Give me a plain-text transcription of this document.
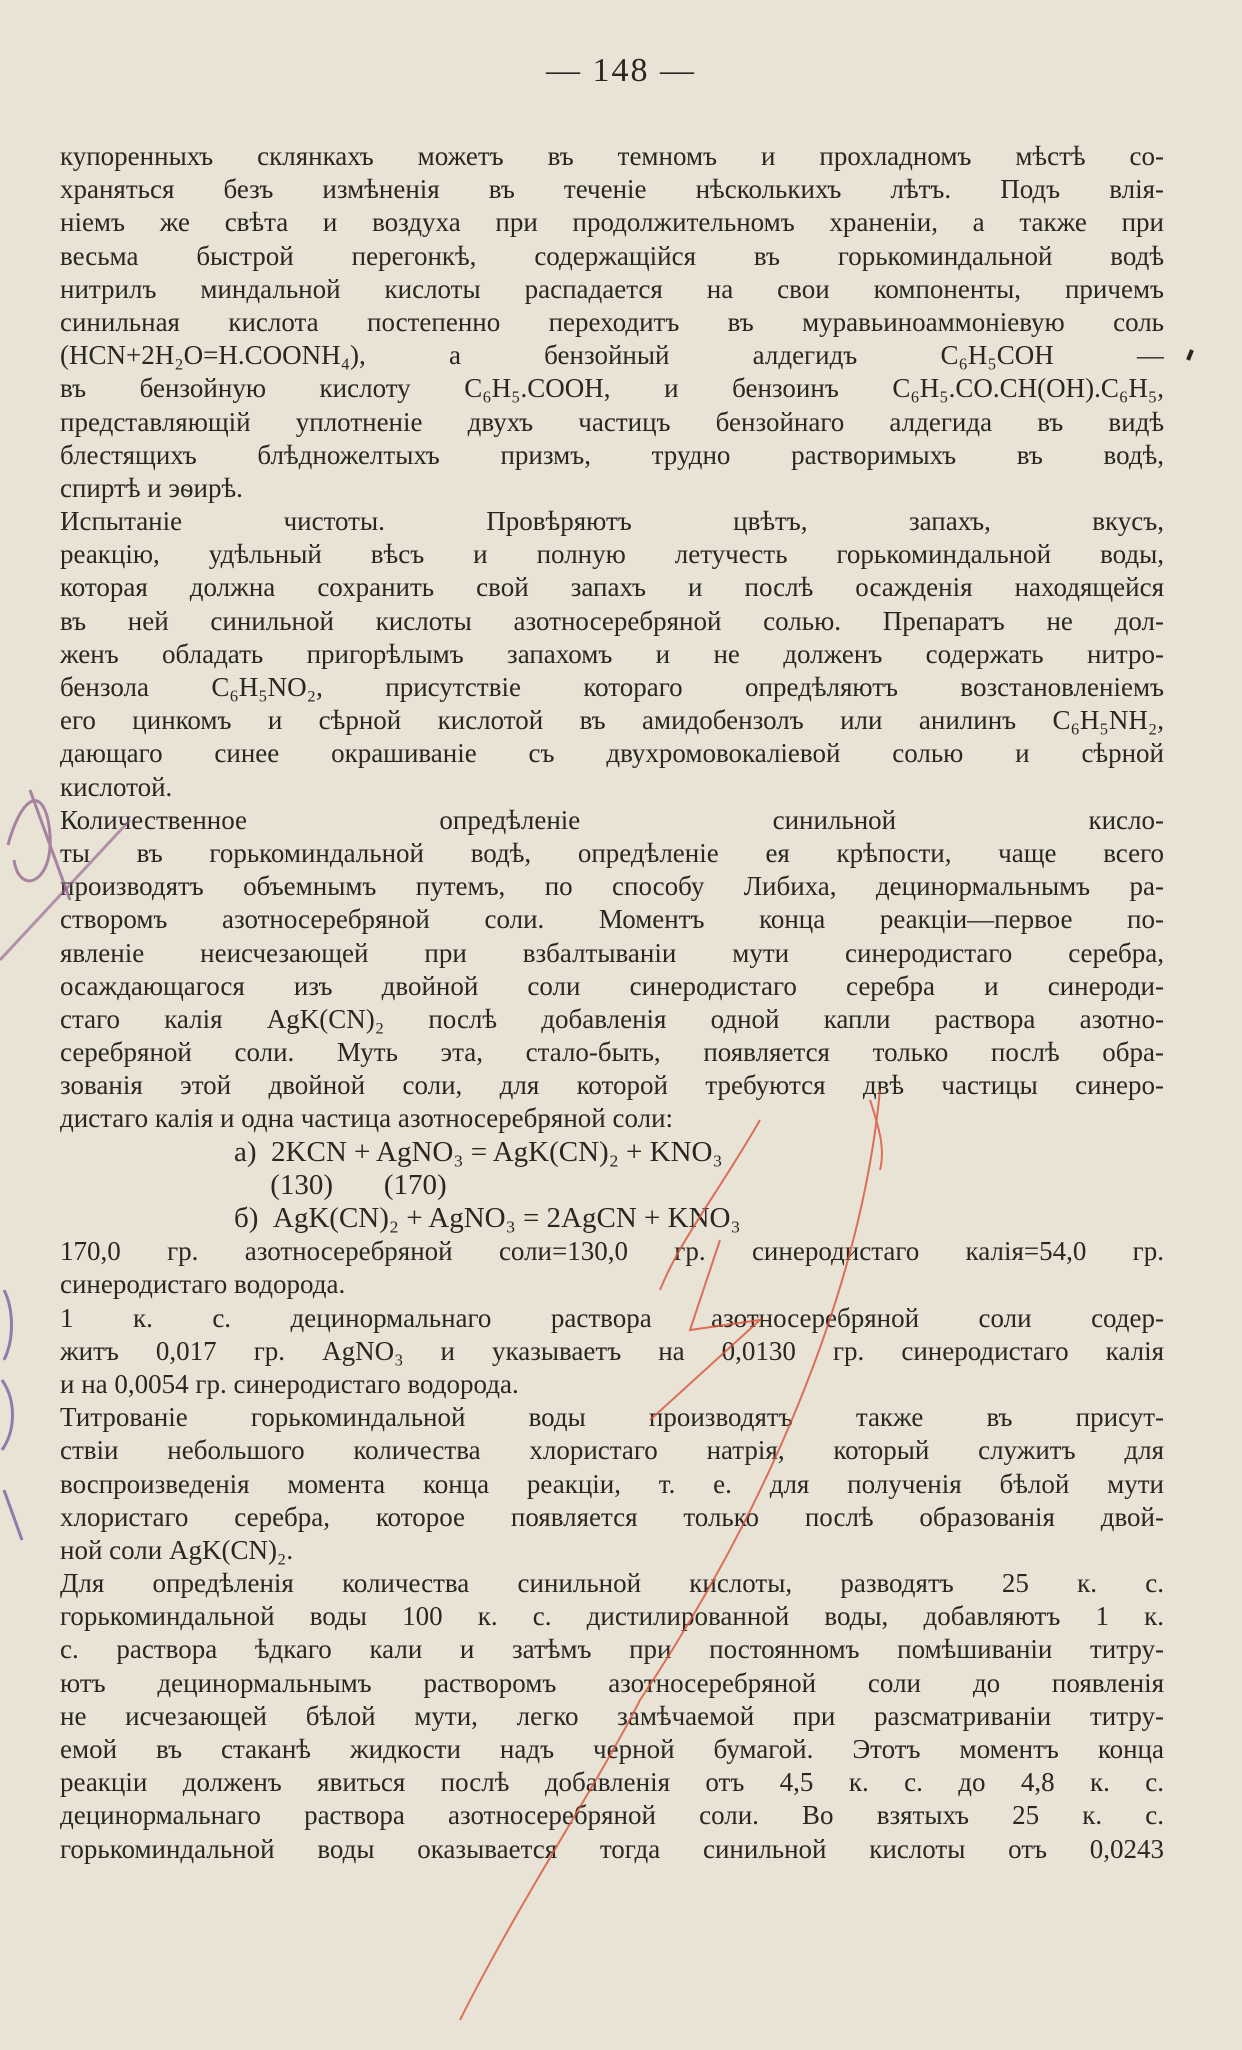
— 148 —
купоренныхъ склянкахъ можетъ въ темномъ и прохладномъ мѣстѣ со-
храняться безъ измѣненія въ теченіе нѣсколькихъ лѣтъ. Подъ влія-
ніемъ же свѣта и воздуха при продолжительномъ храненіи, а также при
весьма быстрой перегонкѣ, содержащійся въ горькоминдальной водѣ
нитрилъ миндальной кислоты распадается на свои компоненты, причемъ
синильная кислота постепенно переходитъ въ муравьиноаммоніевую соль
(HCN+2H₂O=H.COONH₄), а бензойный алдегидъ C₆H₅COH —
въ бензойную кислоту C₆H₅.COOH, и бензоинъ C₆H₅.CO.CH(OH).C₆H₅,
представляющій уплотненіе двухъ частицъ бензойнаго алдегида въ видѣ
блестящихъ блѣдножелтыхъ призмъ, трудно растворимыхъ въ водѣ,
спиртѣ и эѳирѣ.
Испытаніе чистоты. Провѣряютъ цвѣтъ, запахъ, вкусъ,
реакцію, удѣльный вѣсъ и полную летучесть горькоминдальной воды,
которая должна сохранить свой запахъ и послѣ осажденія находящейся
въ ней синильной кислоты азотносеребряной солью. Препаратъ не дол-
женъ обладать пригорѣлымъ запахомъ и не долженъ содержать нитро-
бензола C₆H₅NO₂, присутствіе котораго опредѣляютъ возстановленіемъ
его цинкомъ и сѣрной кислотой въ амидобензолъ или анилинъ C₆H₅NH₂,
дающаго синее окрашиваніе съ двухромовокаліевой солью и сѣрной
кислотой.
Количественное опредѣленіе синильной кисло-
ты въ горькоминдальной водѣ, опредѣленіе ея крѣпости, чаще всего
производятъ объемнымъ путемъ, по способу Либиха, децинормальнымъ ра-
створомъ азотносеребряной соли. Моментъ конца реакціи—первое по-
явленіе неисчезающей при взбалтываніи мути синеродистаго серебра,
осаждающагося изъ двойной соли синеродистаго серебра и синероди-
стаго калія AgK(CN)₂ послѣ добавленія одной капли раствора азотно-
серебряной соли. Муть эта, стало-быть, появляется только послѣ обра-
зованія этой двойной соли, для которой требуются двѣ частицы синеро-
дистаго калія и одна частица азотносеребряной соли:
а)  2KCN + AgNO₃ = AgK(CN)₂ + KNO₃
(130)       (170)
б)  AgK(CN)₂ + AgNO₃ = 2AgCN + KNO₃
170,0 гр. азотносеребряной соли=130,0 гр. синеродистаго калія=54,0 гр.
синеродистаго водорода.
1 к. с. децинормальнаго раствора азотносеребряной соли содер-
житъ 0,017 гр. AgNO₃ и указываетъ на 0,0130 гр. синеродистаго калія
и на 0,0054 гр. синеродистаго водорода.
Титрованіе горькоминдальной воды производятъ также въ присут-
ствіи небольшого количества хлористаго натрія, который служитъ для
воспроизведенія момента конца реакціи, т. е. для полученія бѣлой мути
хлористаго серебра, которое появляется только послѣ образованія двой-
ной соли AgK(CN)₂.
Для опредѣленія количества синильной кислоты, разводятъ 25 к. с.
горькоминдальной воды 100 к. с. дистилированной воды, добавляютъ 1 к.
с. раствора ѣдкаго кали и затѣмъ при постоянномъ помѣшиваніи титру-
ютъ децинормальнымъ растворомъ азотносеребряной соли до появленія
не исчезающей бѣлой мути, легко замѣчаемой при разсматриваніи титру-
емой въ стаканѣ жидкости надъ черной бумагой. Этотъ моментъ конца
реакціи долженъ явиться послѣ добавленія отъ 4,5 к. с. до 4,8 к. с.
децинормальнаго раствора азотносеребряной соли. Во взятыхъ 25 к. с.
горькоминдальной воды оказывается тогда синильной кислоты отъ 0,0243
